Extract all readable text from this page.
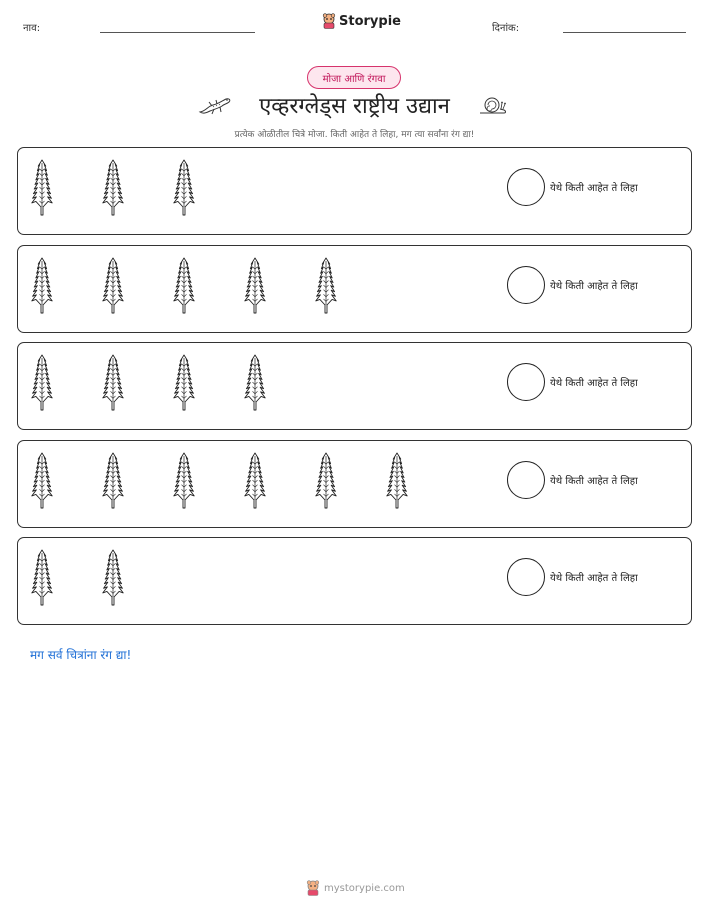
नाव:	Storypie	दिनांक:
मोजा आणि रंगवा
एव्हरग्लेड्स राष्ट्रीय उद्यान
प्रत्येक ओळीतील चित्रे मोजा. किती आहेत ते लिहा, मग त्या सर्वांना रंग द्या!
येथे किती आहेत ते लिहा
येथे किती आहेत ते लिहा
येथे किती आहेत ते लिहा
येथे किती आहेत ते लिहा
येथे किती आहेत ते लिहा
मग सर्व चित्रांना रंग द्या!
mystorypie.com
